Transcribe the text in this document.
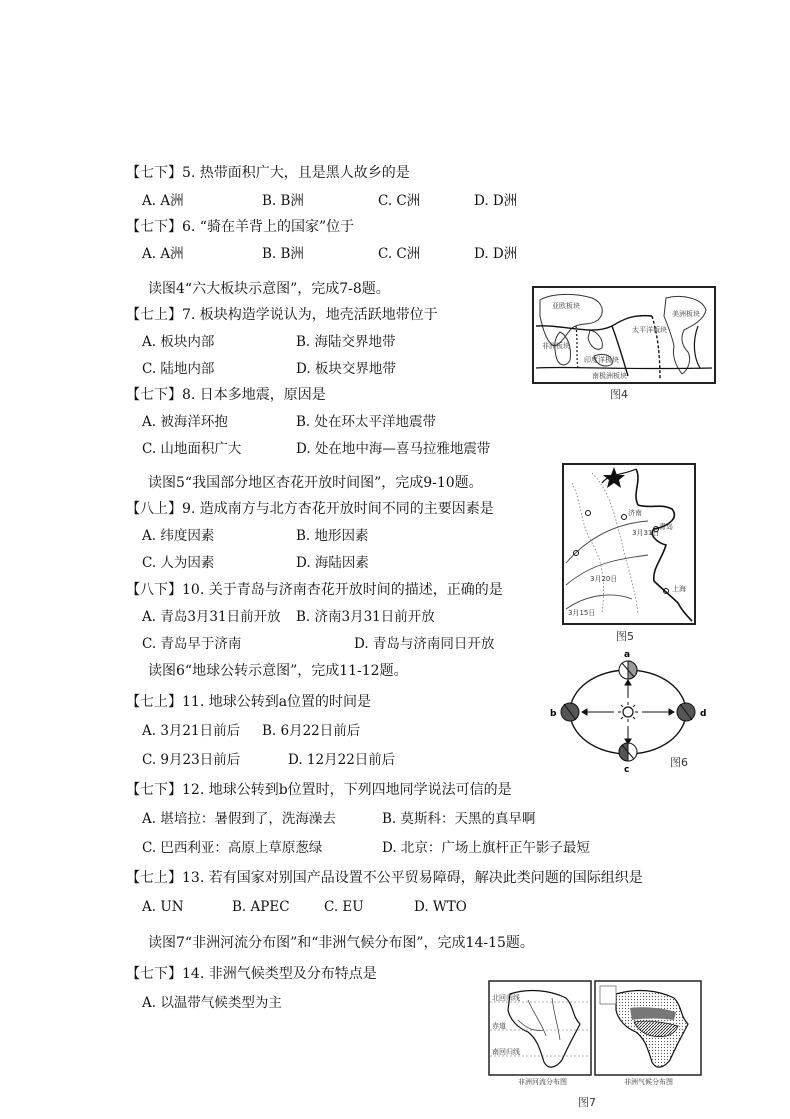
【七下】5. 热带面积广大，且是黑人故乡的是
A. A洲	B. B洲	C. C洲	D. D洲
【七下】6. “骑在羊背上的国家”位于
A. A洲	B. B洲	C. C洲	D. D洲
读图4“六大板块示意图”，完成7-8题。
【七上】7. 板块构造学说认为，地壳活跃地带位于
A. 板块内部	B. 海陆交界地带
C. 陆地内部	D. 板块交界地带
【七下】8. 日本多地震，原因是
A. 被海洋环抱	B. 处在环太平洋地震带
C. 山地面积广大	D. 处在地中海—喜马拉雅地震带
读图5“我国部分地区杏花开放时间图”，完成9-10题。
【八上】9. 造成南方与北方杏花开放时间不同的主要因素是
A. 纬度因素	B. 地形因素
C. 人为因素	D. 海陆因素
【八下】10. 关于青岛与济南杏花开放时间的描述，正确的是
A. 青岛3月31日前开放 B. 济南3月31日前开放
C. 青岛早于济南	D. 青岛与济南同日开放
读图6“地球公转示意图”，完成11-12题。
【七上】11. 地球公转到a位置的时间是
A. 3月21日前后 B. 6月22日前后
C. 9月23日前后	D. 12月22日前后
【七下】12. 地球公转到b位置时，下列四地同学说法可信的是
A. 堪培拉：暑假到了，洗海澡去	B. 莫斯科：天黑的真早啊
C. 巴西利亚：高原上草原葱绿	D. 北京：广场上旗杆正午影子最短
【七上】13. 若有国家对别国产品设置不公平贸易障碍，解决此类问题的国际组织是
A. UN	B. APEC	C. EU	D. WTO
读图7“非洲河流分布图”和“非洲气候分布图”，完成14-15题。
【七下】14. 非洲气候类型及分布特点是
A. 以温带气候类型为主
亚欧板块
太平洋板块
美洲板块
非洲板块
印度洋板块
南极洲板块
图4
青岛
济南
3月31日
3月20日
3月15日
上海
图5
a
b
c
d
图6
北回归线
赤道
南回归线
非洲河流分布图	非洲气候分布图
图7
